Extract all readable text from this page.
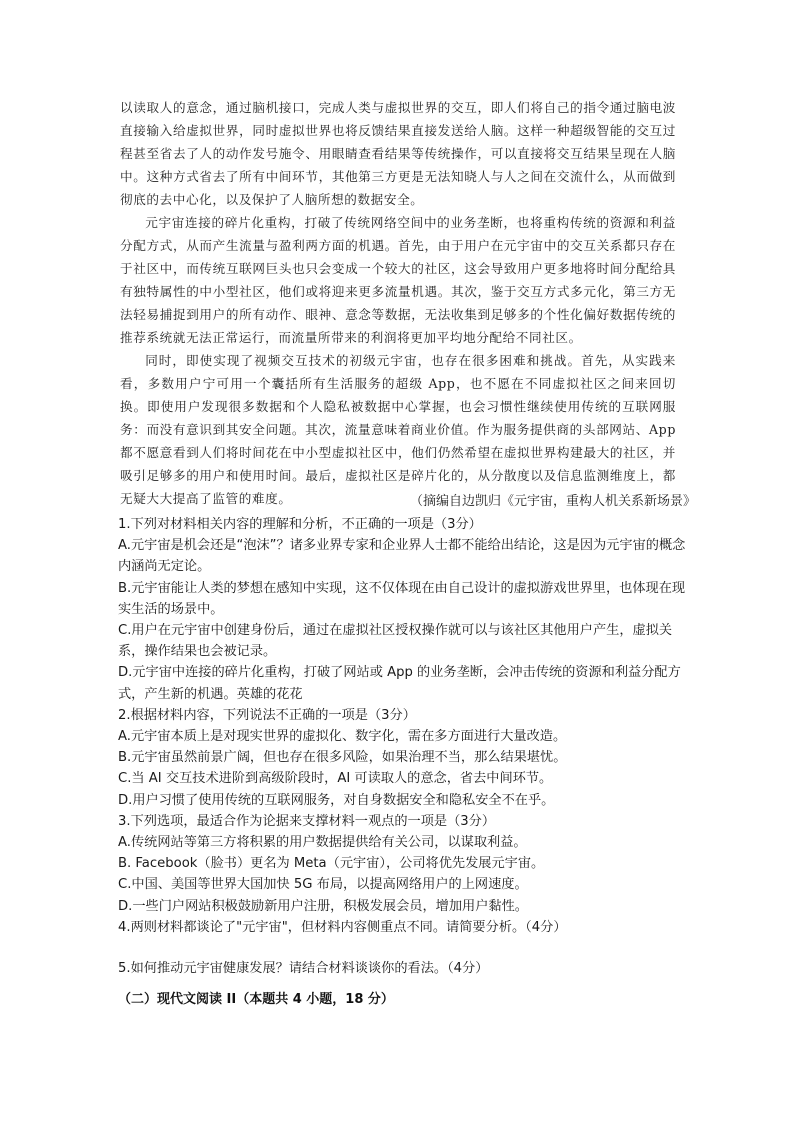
以读取人的意念，通过脑机接口，完成人类与虚拟世界的交互，即人们将自己的指令通过脑电波直接输入给虚拟世界，同时虚拟世界也将反馈结果直接发送给人脑。这样一种超级智能的交互过程甚至省去了人的动作发号施令、用眼睛查看结果等传统操作，可以直接将交互结果呈现在人脑中。这种方式省去了所有中间环节，其他第三方更是无法知晓人与人之间在交流什么，从而做到彻底的去中心化，以及保护了人脑所想的数据安全。

元宇宙连接的碎片化重构，打破了传统网络空间中的业务垄断，也将重构传统的资源和利益分配方式，从而产生流量与盈利两方面的机遇。首先，由于用户在元宇宙中的交互关系都只存在于社区中，而传统互联网巨头也只会变成一个较大的社区，这会导致用户更多地将时间分配给具有独特属性的中小型社区，他们或将迎来更多流量机遇。其次，鉴于交互方式多元化，第三方无法轻易捕捉到用户的所有动作、眼神、意念等数据，无法收集到足够多的个性化偏好数据传统的推荐系统就无法正常运行，而流量所带来的利润将更加平均地分配给不同社区。

同时，即使实现了视频交互技术的初级元宇宙，也存在很多困难和挑战。首先，从实践来看，多数用户宁可用一个囊括所有生活服务的超级 App，也不愿在不同虚拟社区之间来回切换。即使用户发现很多数据和个人隐私被数据中心掌握，也会习惯性继续使用传统的互联网服务：而没有意识到其安全问题。其次，流量意味着商业价值。作为服务提供商的头部网站、App 都不愿意看到人们将时间花在中小型虚拟社区中，他们仍然希望在虚拟世界构建最大的社区，并吸引足够多的用户和使用时间。最后，虚拟社区是碎片化的，从分散度以及信息监测维度上，都无疑大大提高了监管的难度。	（摘编自边凯归《元宇宙，重构人机关系新场景》

1.下列对材料相关内容的理解和分析，不正确的一项是（3分）

A.元宇宙是机会还是“泡沫”？诸多业界专家和企业界人士都不能给出结论，这是因为元宇宙的概念内涵尚无定论。

B.元宇宙能让人类的梦想在感知中实现，这不仅体现在由自己设计的虚拟游戏世界里，也体现在现实生活的场景中。

C.用户在元宇宙中创建身份后，通过在虚拟社区授权操作就可以与该社区其他用户产生，虚拟关系，操作结果也会被记录。

D.元宇宙中连接的碎片化重构，打破了网站或 App 的业务垄断，会冲击传统的资源和利益分配方式，产生新的机遇。英雄的花花

2.根据材料内容，下列说法不正确的一项是（3分）

A.元宇宙本质上是对现实世界的虚拟化、数字化，需在多方面进行大量改造。

B.元宇宙虽然前景广阔，但也存在很多风险，如果治理不当，那么结果堪忧。

C.当 AI 交互技术进阶到高级阶段时，AI 可读取人的意念，省去中间环节。

D.用户习惯了使用传统的互联网服务，对自身数据安全和隐私安全不在乎。

3.下列选项，最适合作为论据来支撑材料一观点的一项是（3分）

A.传统网站等第三方将积累的用户数据提供给有关公司，以谋取利益。

B. Facebook（脸书）更名为 Meta（元宇宙），公司将优先发展元宇宙。

C.中国、美国等世界大国加快 5G 布局，以提高网络用户的上网速度。

D.一些门户网站积极鼓励新用户注册，积极发展会员，增加用户黏性。

4.两则材料都谈论了"元宇宙"，但材料内容侧重点不同。请简要分析。（4分）

5.如何推动元宇宙健康发展？请结合材料谈谈你的看法。（4分）

（二）现代文阅读 II（本题共 4 小题，18 分）
